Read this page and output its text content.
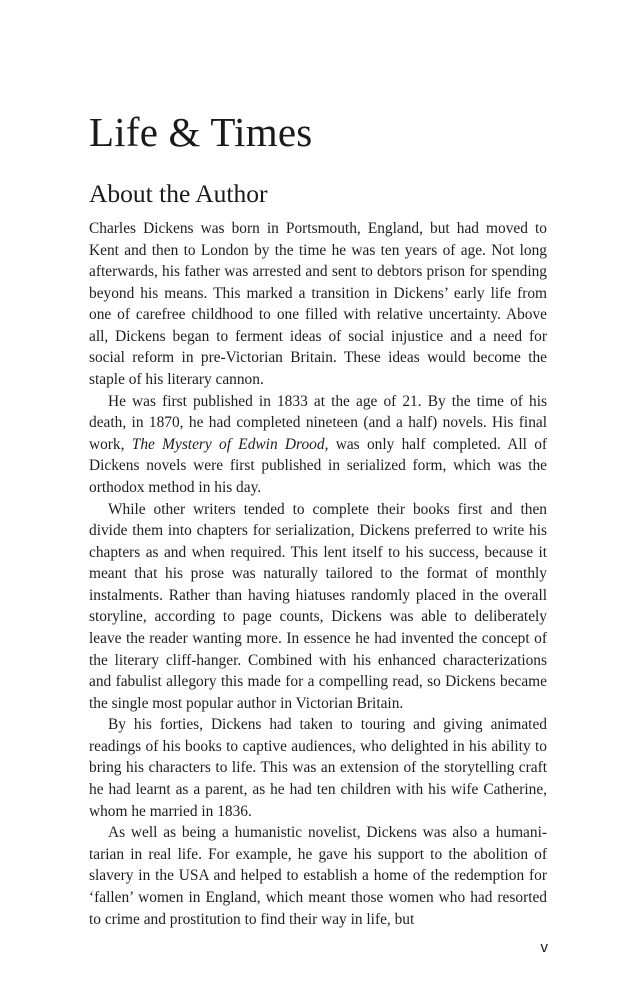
Life & Times
About the Author

Charles Dickens was born in Portsmouth, England, but had moved to Kent and then to London by the time he was ten years of age. Not long afterwards, his father was arrested and sent to debtors prison for spending beyond his means. This marked a transition in Dickens’ early life from one of carefree childhood to one filled with relative uncertainty. Above all, Dickens began to ferment ideas of social injustice and a need for social reform in pre-Victorian Britain. These ideas would become the staple of his literary cannon.

He was first published in 1833 at the age of 21. By the time of his death, in 1870, he had completed nineteen (and a half) novels. His final work, The Mystery of Edwin Drood, was only half completed. All of Dickens novels were first published in serialized form, which was the orthodox method in his day.

While other writers tended to complete their books first and then divide them into chapters for serialization, Dickens preferred to write his chapters as and when required. This lent itself to his success, because it meant that his prose was naturally tailored to the format of monthly instalments. Rather than having hiatuses randomly placed in the overall storyline, according to page counts, Dickens was able to deliberately leave the reader wanting more. In essence he had invented the concept of the literary cliff-hanger. Combined with his enhanced characterizations and fabulist allegory this made for a compelling read, so Dickens became the single most popular author in Victorian Britain.

By his forties, Dickens had taken to touring and giving animated readings of his books to captive audiences, who delighted in his ability to bring his characters to life. This was an extension of the storytelling craft he had learnt as a parent, as he had ten children with his wife Catherine, whom he married in 1836.

As well as being a humanistic novelist, Dickens was also a humanitarian in real life. For example, he gave his support to the abolition of slavery in the USA and helped to establish a home of the redemption for ‘fallen’ women in England, which meant those women who had resorted to crime and prostitution to find their way in life, but

v
